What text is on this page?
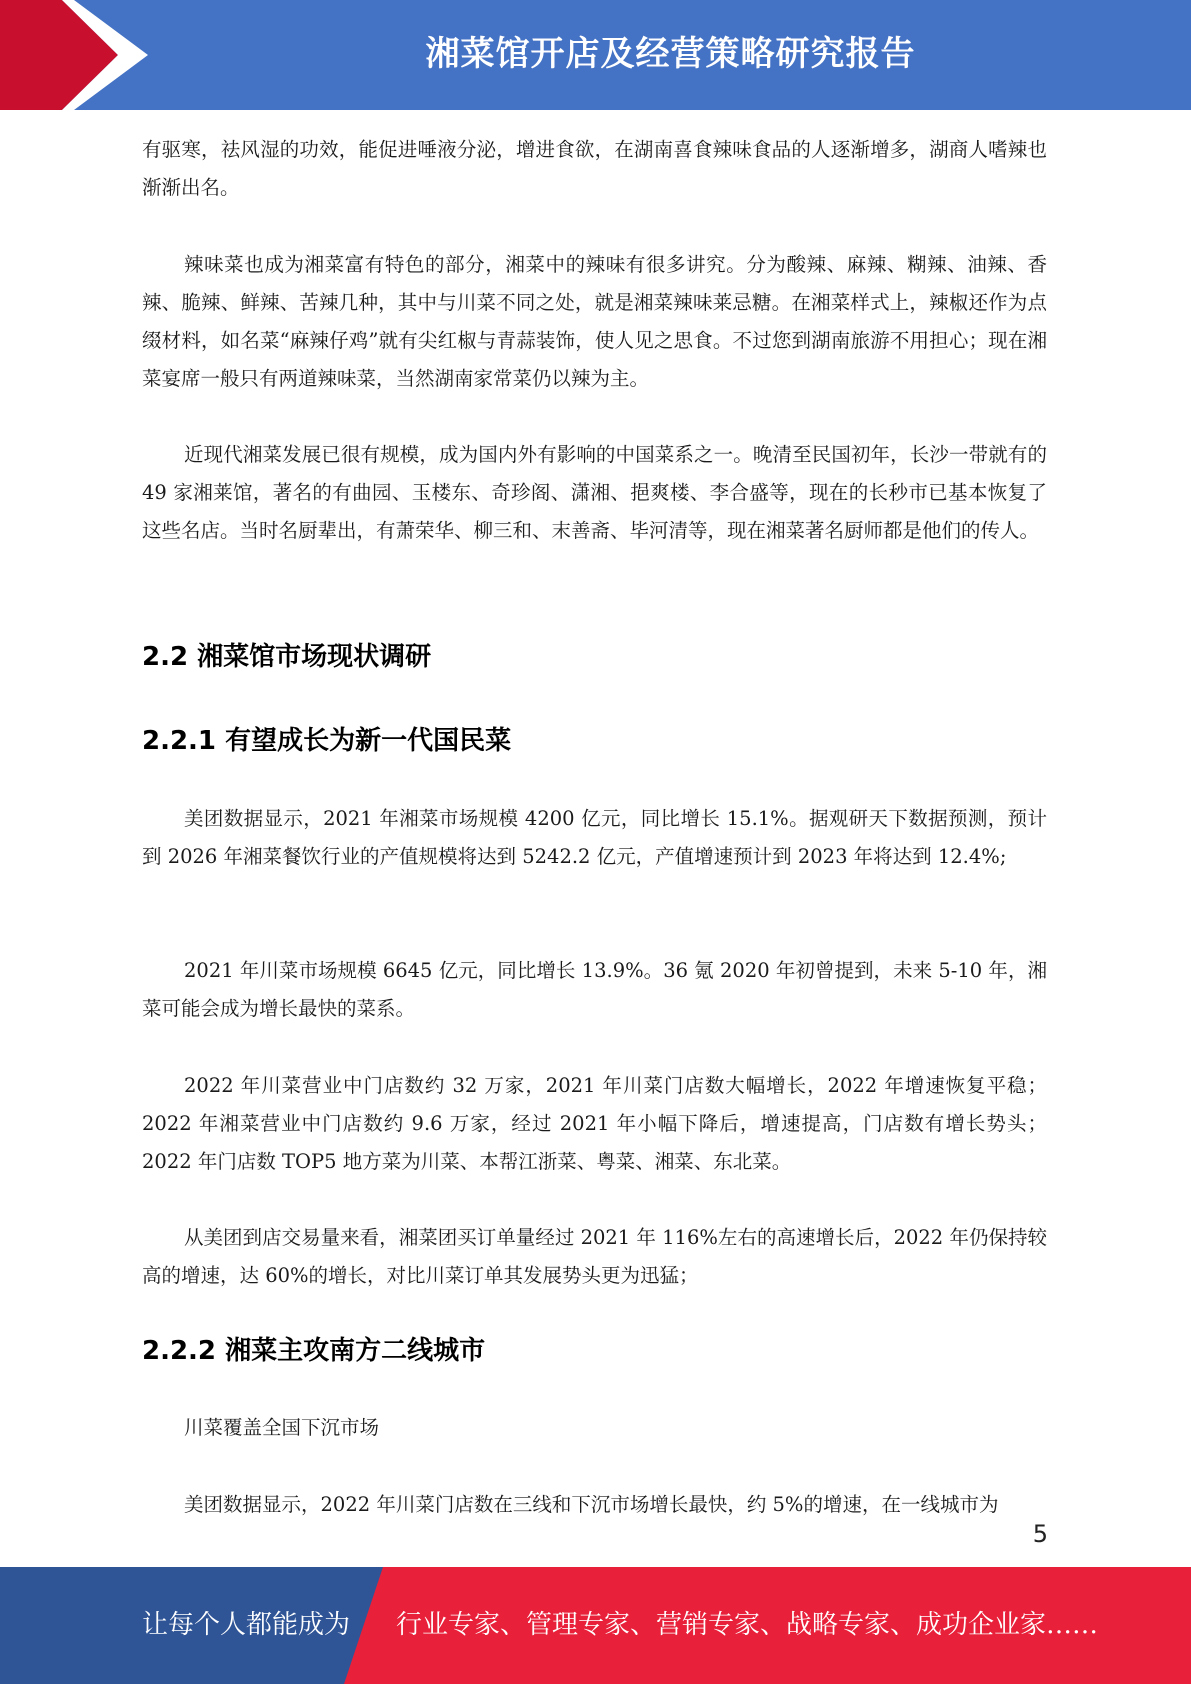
湘菜馆开店及经营策略研究报告

有驱寒，祛风湿的功效，能促进唾液分泌，增进食欲，在湖南喜食辣味食品的人逐渐增多，湖商人嗜辣也渐渐出名。

辣味菜也成为湘菜富有特色的部分，湘菜中的辣味有很多讲究。分为酸辣、麻辣、糊辣、油辣、香辣、脆辣、鲜辣、苦辣几种，其中与川菜不同之处，就是湘菜辣味莱忌糖。在湘菜样式上，辣椒还作为点缀材料，如名菜“麻辣仔鸡”就有尖红椒与青蒜装饰，使人见之思食。不过您到湖南旅游不用担心；现在湘菜宴席一般只有两道辣味菜，当然湖南家常菜仍以辣为主。

近现代湘菜发展已很有规模，成为国内外有影响的中国菜系之一。晚清至民国初年，长沙一带就有的 49 家湘莱馆，著名的有曲园、玉楼东、奇珍阁、潇湘、挹爽楼、李合盛等，现在的长秒市已基本恢复了这些名店。当时名厨辈出，有萧荣华、柳三和、末善斋、毕河清等，现在湘菜著名厨师都是他们的传人。

2.2 湘菜馆市场现状调研
2.2.1 有望成长为新一代国民菜

美团数据显示，2021 年湘菜市场规模 4200 亿元，同比增长 15.1%。据观研天下数据预测，预计到 2026 年湘菜餐饮行业的产值规模将达到 5242.2 亿元，产值增速预计到 2023 年将达到 12.4%;

2021 年川菜市场规模 6645 亿元，同比增长 13.9%。36 氪 2020 年初曾提到，未来 5-10 年，湘菜可能会成为增长最快的菜系。

2022 年川菜营业中门店数约 32 万家，2021 年川菜门店数大幅增长，2022 年增速恢复平稳；2022 年湘菜营业中门店数约 9.6 万家，经过 2021 年小幅下降后，增速提高，门店数有增长势头；2022 年门店数 TOP5 地方菜为川菜、本帮江浙菜、粤菜、湘菜、东北菜。

从美团到店交易量来看，湘菜团买订单量经过 2021 年 116%左右的高速增长后，2022 年仍保持较高的增速，达 60%的增长，对比川菜订单其发展势头更为迅猛；

2.2.2 湘菜主攻南方二线城市

川菜覆盖全国下沉市场

美团数据显示，2022 年川菜门店数在三线和下沉市场增长最快，约 5%的增速，在一线城市为

5
让每个人都能成为 行业专家、管理专家、营销专家、战略专家、成功企业家……
